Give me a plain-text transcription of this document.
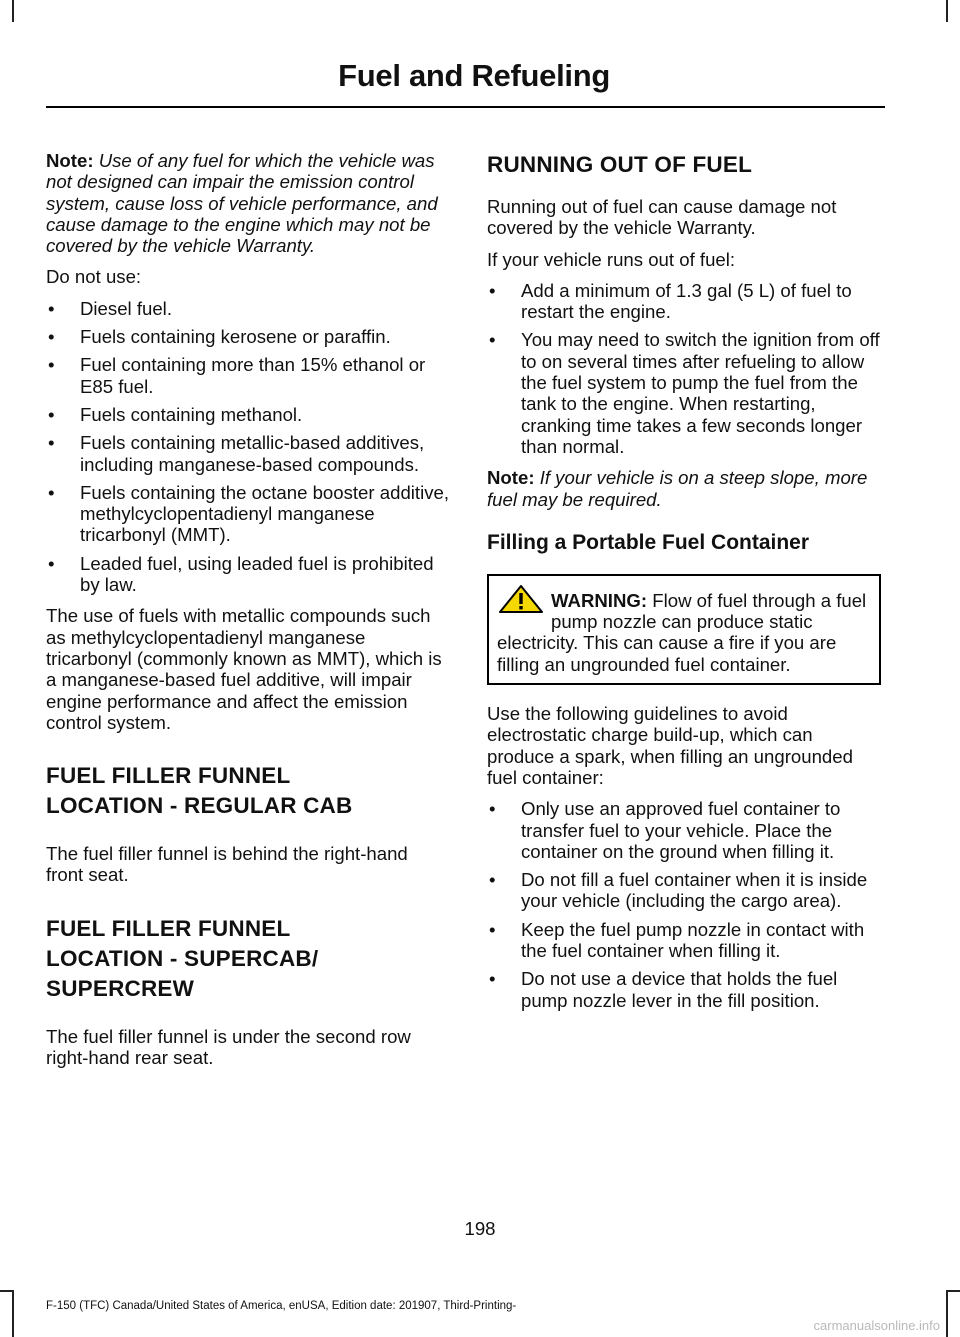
Fuel and Refueling

Note: Use of any fuel for which the vehicle was not designed can impair the emission control system, cause loss of vehicle performance, and cause damage to the engine which may not be covered by the vehicle Warranty.

Do not use:

•	Diesel fuel.
•	Fuels containing kerosene or paraffin.
•	Fuel containing more than 15% ethanol or E85 fuel.
•	Fuels containing methanol.
•	Fuels containing metallic-based additives, including manganese-based compounds.
•	Fuels containing the octane booster additive, methylcyclopentadienyl manganese tricarbonyl (MMT).
•	Leaded fuel, using leaded fuel is prohibited by law.

The use of fuels with metallic compounds such as methylcyclopentadienyl manganese tricarbonyl (commonly known as MMT), which is a manganese-based fuel additive, will impair engine performance and affect the emission control system.

FUEL FILLER FUNNEL
LOCATION - REGULAR CAB

The fuel filler funnel is behind the right-hand front seat.

FUEL FILLER FUNNEL
LOCATION - SUPERCAB/
SUPERCREW

The fuel filler funnel is under the second row right-hand rear seat.

RUNNING OUT OF FUEL

Running out of fuel can cause damage not covered by the vehicle Warranty.

If your vehicle runs out of fuel:

•	Add a minimum of 1.3 gal (5 L) of fuel to restart the engine.
•	You may need to switch the ignition from off to on several times after refueling to allow the fuel system to pump the fuel from the tank to the engine. When restarting, cranking time takes a few seconds longer than normal.

Note: If your vehicle is on a steep slope, more fuel may be required.

Filling a Portable Fuel Container
WARNING: Flow of fuel through a fuel pump nozzle can produce static electricity. This can cause a fire if you are filling an ungrounded fuel container.

Use the following guidelines to avoid electrostatic charge build-up, which can produce a spark, when filling an ungrounded fuel container:

•	Only use an approved fuel container to transfer fuel to your vehicle. Place the container on the ground when filling it.
•	Do not fill a fuel container when it is inside your vehicle (including the cargo area).
•	Keep the fuel pump nozzle in contact with the fuel container when filling it.
•	Do not use a device that holds the fuel pump nozzle lever in the fill position.
198
F-150 (TFC) Canada/United States of America, enUSA, Edition date: 201907, Third-Printing-
carmanualsonline.info
